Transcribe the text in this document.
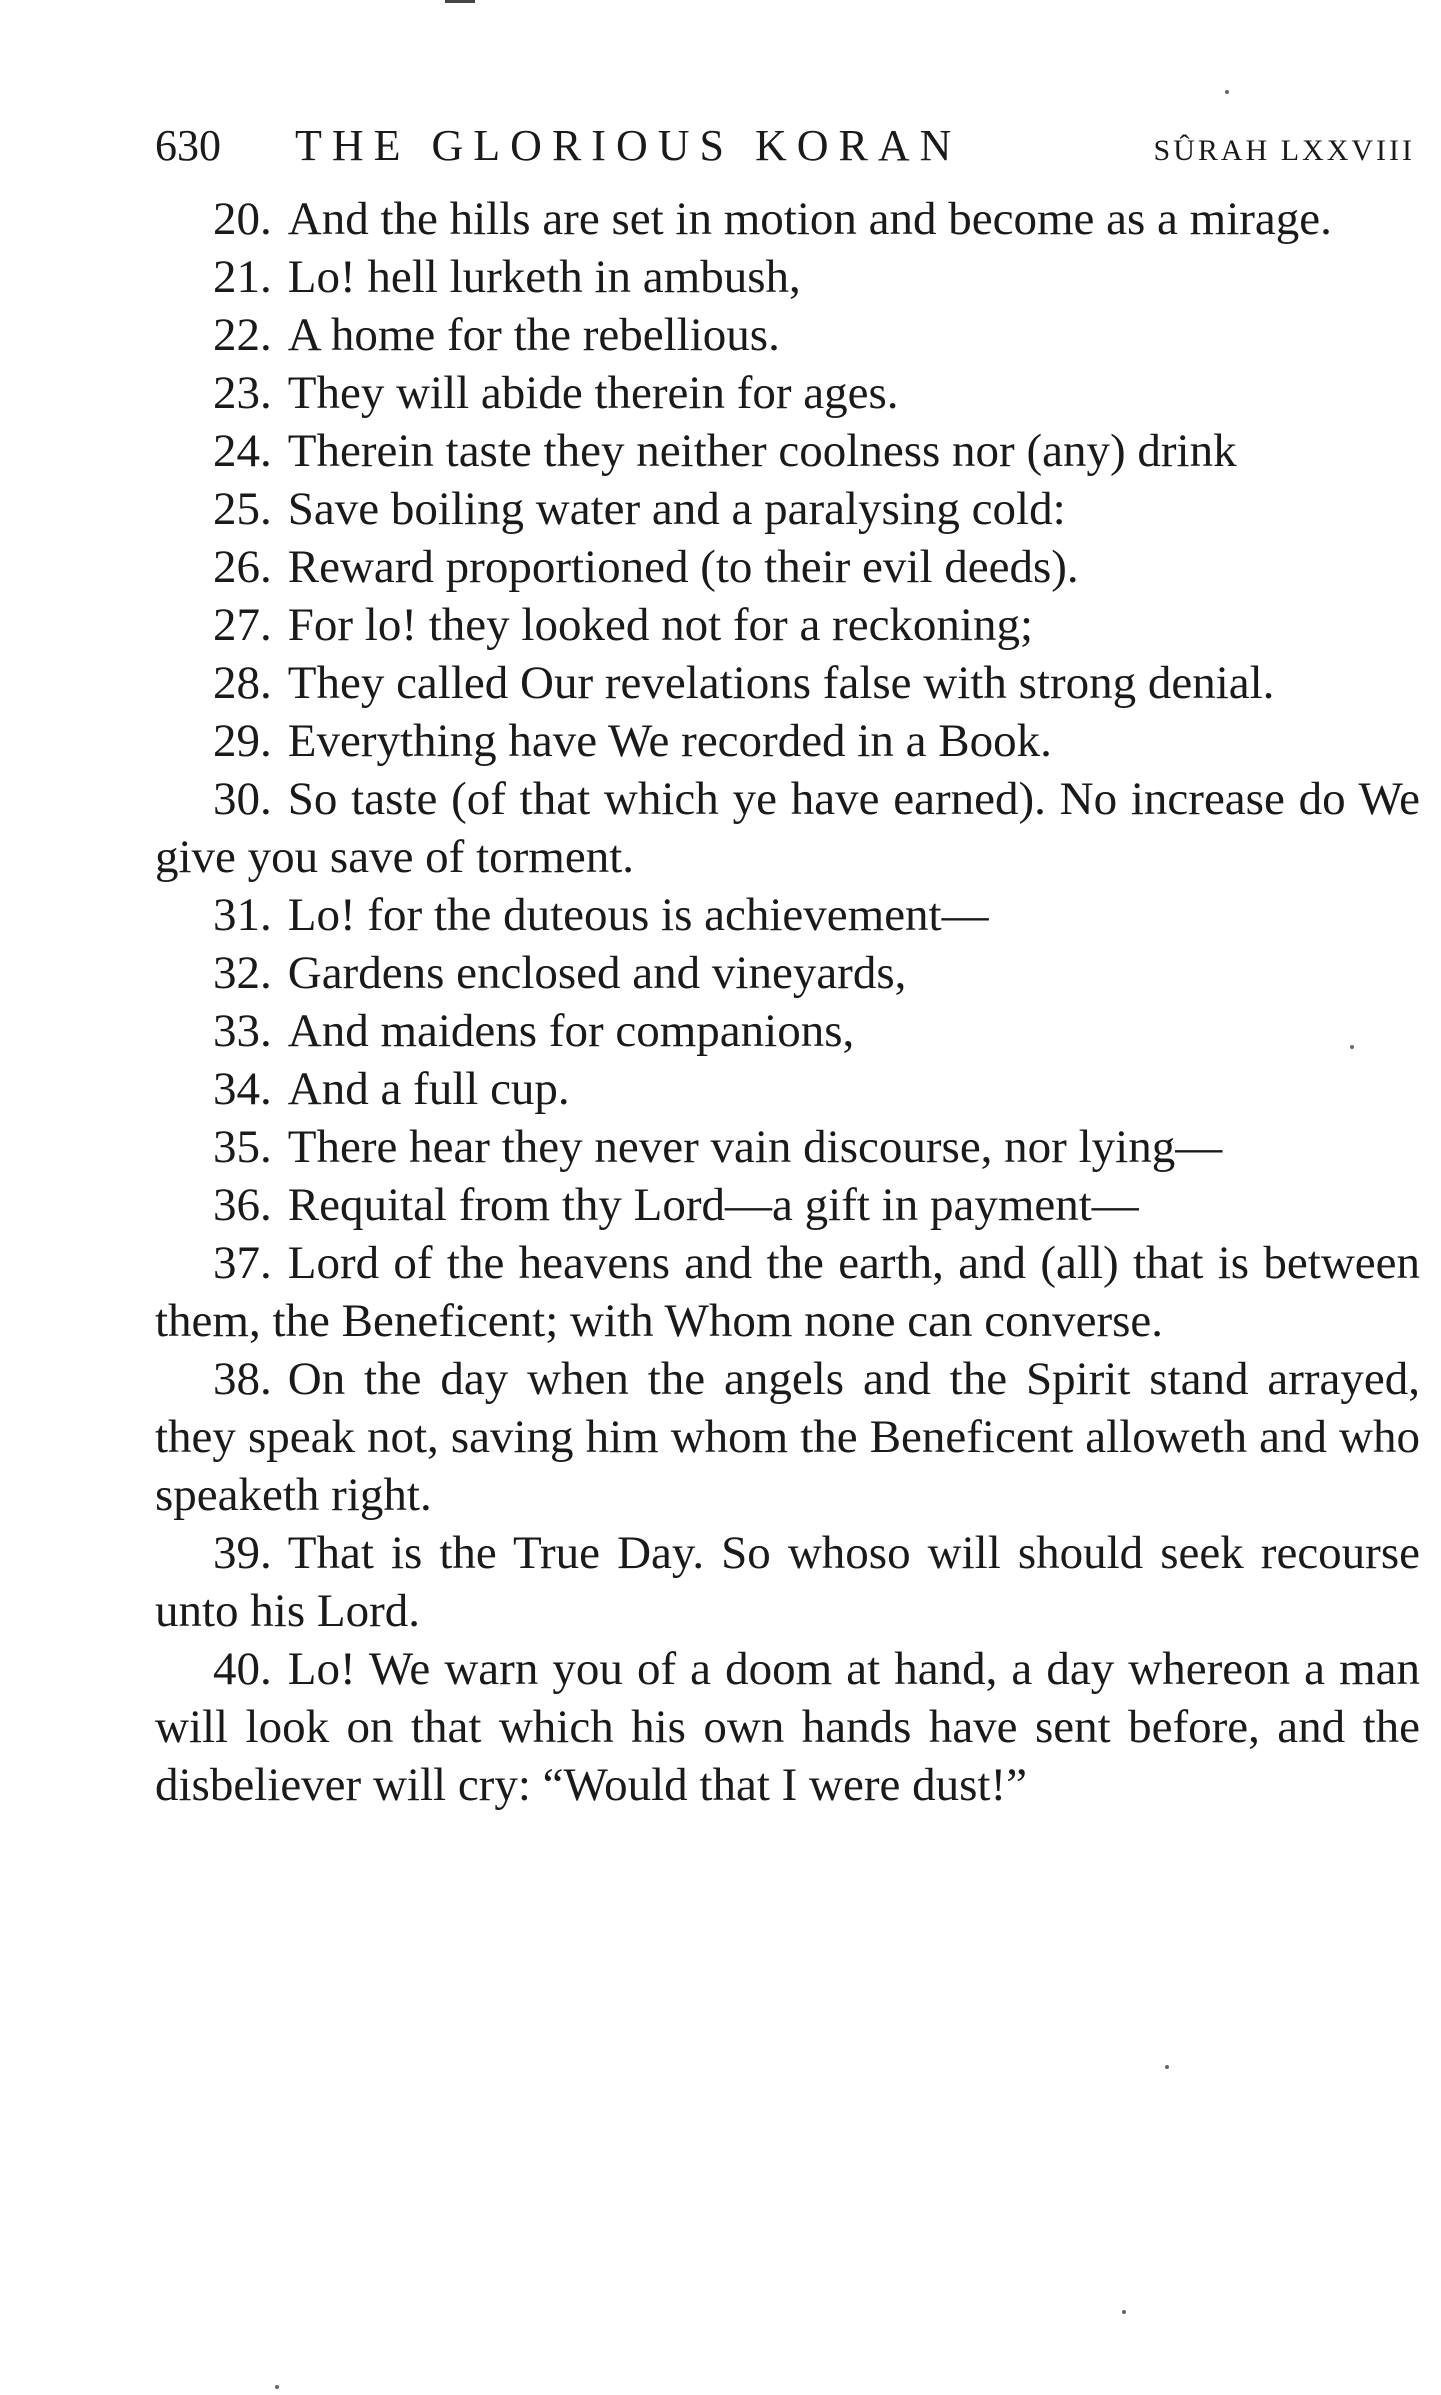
630	THE GLORIOUS KORAN	SÛRAH LXXVIII

20. And the hills are set in motion and become as a mirage.

21. Lo! hell lurketh in ambush,

22. A home for the rebellious.

23. They will abide therein for ages.

24. Therein taste they neither coolness nor (any) drink

25. Save boiling water and a paralysing cold:

26. Reward proportioned (to their evil deeds).

27. For lo! they looked not for a reckoning;

28. They called Our revelations false with strong denial.

29. Everything have We recorded in a Book.

30. So taste (of that which ye have earned). No increase do We give you save of torment.

31. Lo! for the duteous is achievement—

32. Gardens enclosed and vineyards,

33. And maidens for companions,

34. And a full cup.

35. There hear they never vain discourse, nor lying—

36. Requital from thy Lord—a gift in payment—

37. Lord of the heavens and the earth, and (all) that is between them, the Beneficent; with Whom none can converse.

38. On the day when the angels and the Spirit stand arrayed, they speak not, saving him whom the Beneficent alloweth and who speaketh right.

39. That is the True Day. So whoso will should seek recourse unto his Lord.

40. Lo! We warn you of a doom at hand, a day whereon a man will look on that which his own hands have sent before, and the disbeliever will cry: “Would that I were dust!”
